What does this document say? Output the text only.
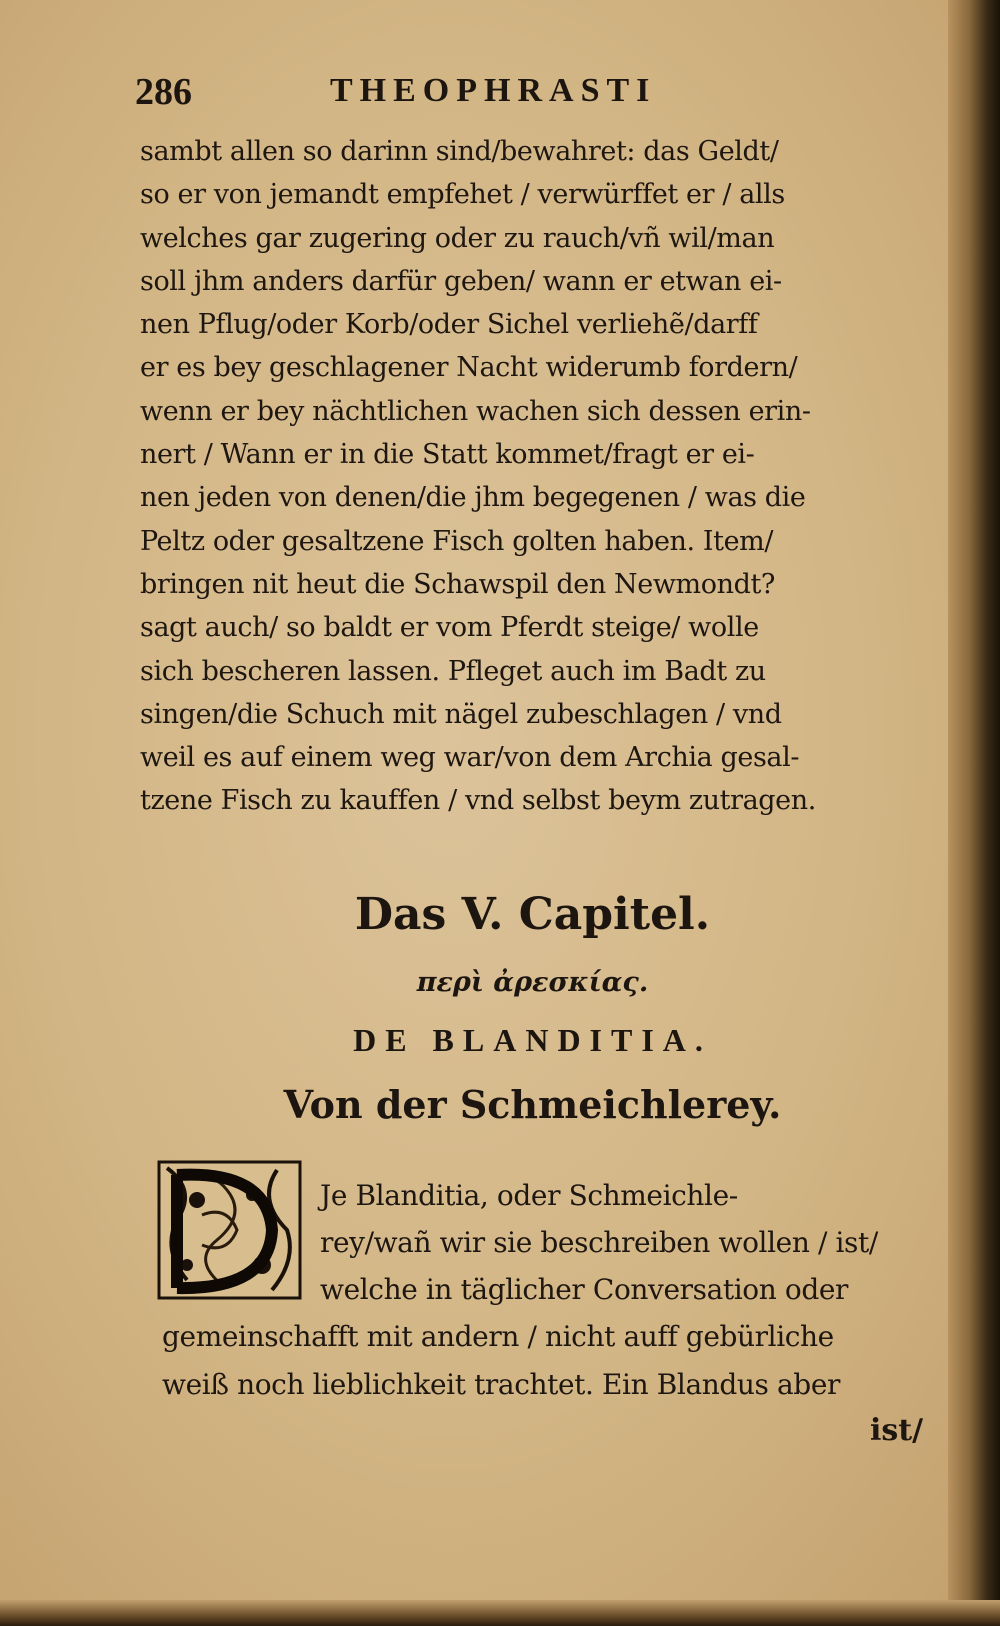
286	THEOPHRASTI
sambt allen so darinn sind/bewahret: das Geldt/
so er von jemandt empfehet / verwürffet er / alls
welches gar zugering oder zu rauch/vñ wil/man
soll jhm anders darfür geben/ wann er etwan ei-
nen Pflug/oder Korb/oder Sichel verliehẽ/darff
er es bey geschlagener Nacht widerumb fordern/
wenn er bey nächtlichen wachen sich dessen erin-
nert / Wann er in die Statt kommet/fragt er ei-
nen jeden von denen/die jhm begegenen / was die
Peltz oder gesaltzene Fisch golten haben. Item/
bringen nit heut die Schawspil den Newmondt?
sagt auch/ so baldt er vom Pferdt steige/ wolle
sich bescheren lassen. Pfleget auch im Badt zu
singen/die Schuch mit nägel zubeschlagen / vnd
weil es auf einem weg war/von dem Archia gesal-
tzene Fisch zu kauffen / vnd selbst beym zutragen.
Das V. Capitel.
περὶ ἀρεσκίας.
DE BLANDITIA.
Von der Schmeichlerey.
Je Blanditia, oder Schmeichle-
rey/wañ wir sie beschreiben wollen / ist/
welche in täglicher Conversation oder
gemeinschafft mit andern / nicht auff gebürliche
weiß noch lieblichkeit trachtet. Ein Blandus aber
ist/
